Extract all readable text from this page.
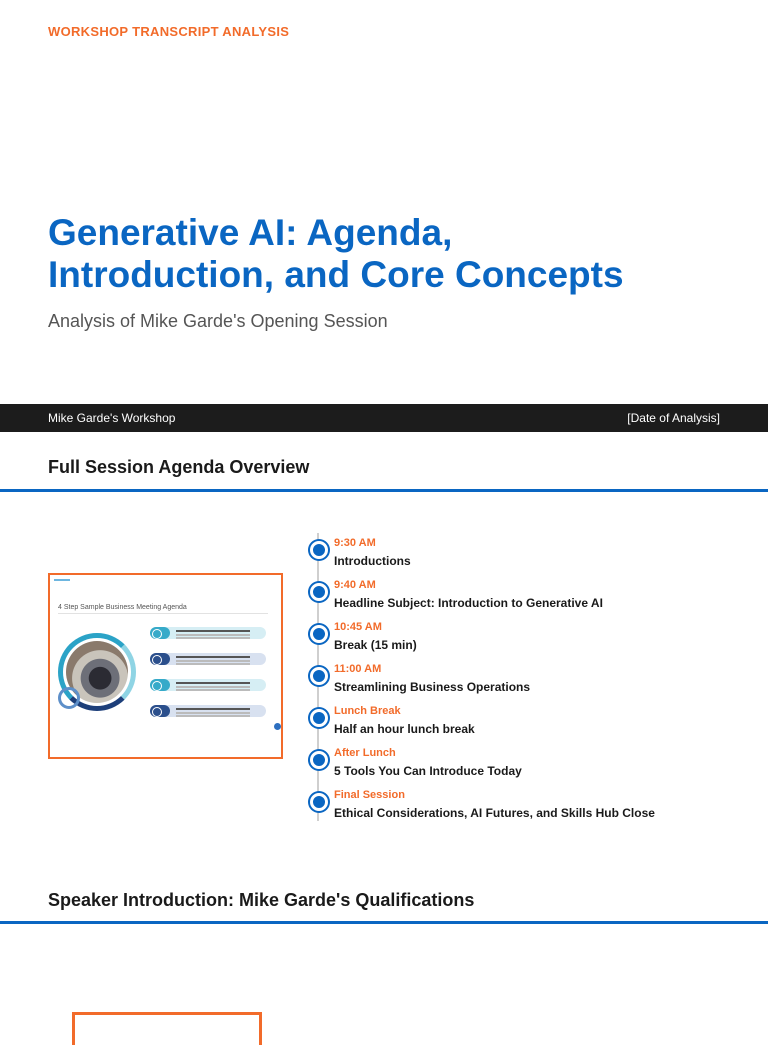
WORKSHOP TRANSCRIPT ANALYSIS
Generative AI: Agenda,
Introduction, and Core Concepts
Analysis of Mike Garde's Opening Session
Mike Garde's Workshop	[Date of Analysis]
Full Session Agenda Overview
4 Step Sample Business Meeting Agenda
9:30 AM
Introductions
9:40 AM
Headline Subject: Introduction to Generative AI
10:45 AM
Break (15 min)
11:00 AM
Streamlining Business Operations
Lunch Break
Half an hour lunch break
After Lunch
5 Tools You Can Introduce Today
Final Session
Ethical Considerations, AI Futures, and Skills Hub Close
Speaker Introduction: Mike Garde's Qualifications
